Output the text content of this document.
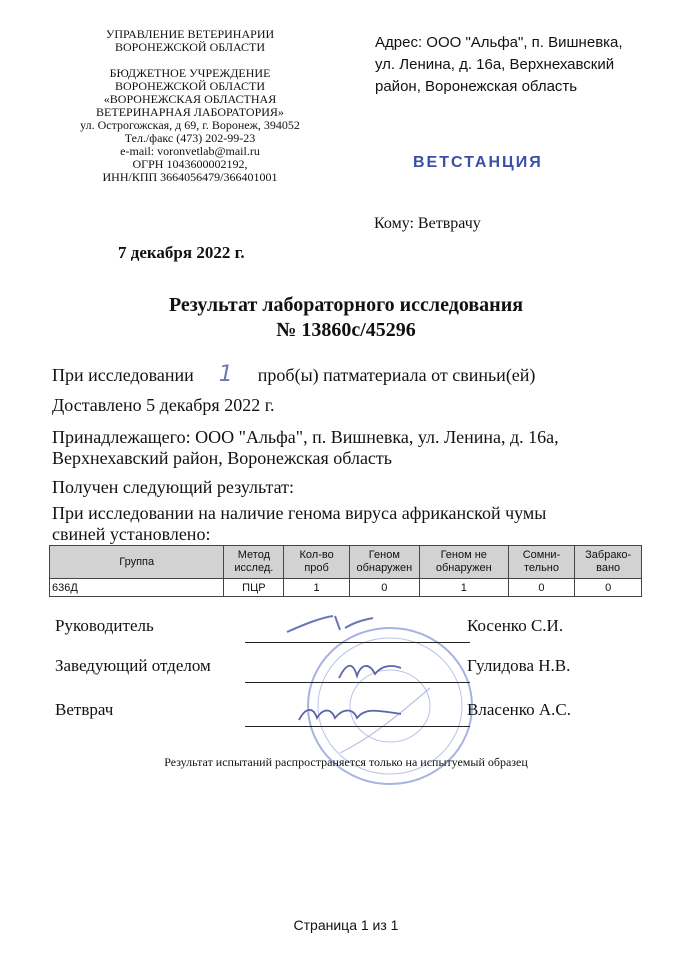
УПРАВЛЕНИЕ ВЕТЕРИНАРИИ
ВОРОНЕЖСКОЙ ОБЛАСТИ
БЮДЖЕТНОЕ УЧРЕЖДЕНИЕ
ВОРОНЕЖСКОЙ ОБЛАСТИ
«ВОРОНЕЖСКАЯ ОБЛАСТНАЯ
ВЕТЕРИНАРНАЯ ЛАБОРАТОРИЯ»
ул. Острогожская, д 69, г. Воронеж, 394052
Тел./факс (473) 202-99-23
e-mail: voronvetlab@mail.ru
ОГРН 1043600002192,
ИНН/КПП 3664056479/366401001
Адрес: ООО "Альфа", п. Вишневка,
ул. Ленина, д. 16а, Верхнехавский
район, Воронежская область
ВЕТСТАНЦИЯ
Кому: Ветврачу
7 декабря 2022 г.
Результат лабораторного исследования
№ 13860с/45296
При исследовании 1 проб(ы) патматериала от свиньи(ей)
Доставлено 5 декабря 2022 г.
Принадлежащего: ООО "Альфа", п. Вишневка, ул. Ленина, д. 16а,
Верхнехавский район, Воронежская область
Получен следующий результат:
При исследовании на наличие генома вируса африканской чумы
свиней установлено:
Группа	Метод исслед.	Кол-во проб	Геном обнаружен	Геном не обнаружен	Сомни-тельно	Забрако-вано
636Д	ПЦР	1	0	1	0	0
Руководитель	Косенко С.И.
Заведующий отделом	Гулидова Н.В.
Ветврач	Власенко А.С.
Результат испытаний распространяется только на испытуемый образец
Страница 1 из 1
